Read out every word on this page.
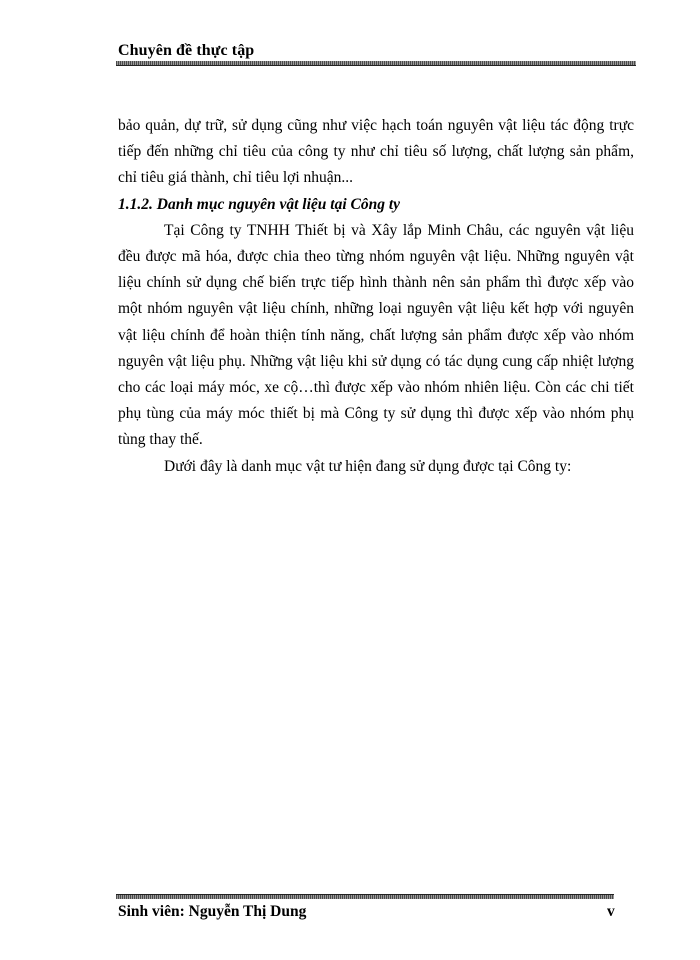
Chuyên đề thực tập

bảo quản, dự trữ, sử dụng cũng như việc hạch toán nguyên vật liệu tác động trực tiếp đến những chỉ tiêu của công ty như chỉ tiêu số lượng, chất lượng sản phẩm, chỉ tiêu giá thành, chỉ tiêu lợi nhuận...

1.1.2. Danh mục nguyên vật liệu tại Công ty

Tại Công ty TNHH Thiết bị và Xây lắp Minh Châu, các nguyên vật liệu đều được mã hóa, được chia theo từng nhóm nguyên vật liệu. Những nguyên vật liệu chính sử dụng chế biến trực tiếp hình thành nên sản phẩm thì được xếp vào một nhóm nguyên vật liệu chính, những loại nguyên vật liệu kết hợp với nguyên vật liệu chính để hoàn thiện tính năng, chất lượng sản phẩm được xếp vào nhóm nguyên vật liệu phụ. Những vật liệu khi sử dụng có tác dụng cung cấp nhiệt lượng cho các loại máy móc, xe cộ…thì được xếp vào nhóm nhiên liệu. Còn các chi tiết phụ tùng của máy móc thiết bị mà Công ty sử dụng thì được xếp vào nhóm phụ tùng thay thế.

Dưới đây là danh mục vật tư hiện đang sử dụng được tại Công ty:

Sinh viên: Nguyễn Thị Dung	v
